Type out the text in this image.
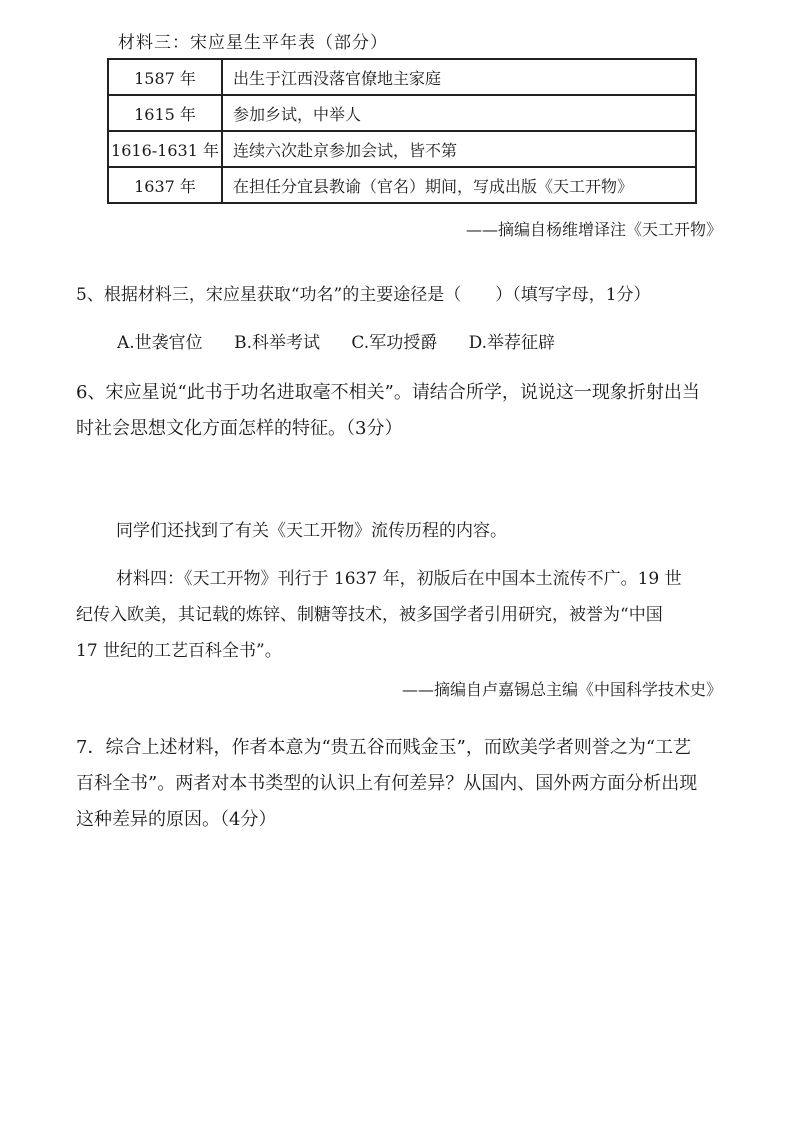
材料三：宋应星生平年表（部分）
1587 年	出生于江西没落官僚地主家庭
1615 年	参加乡试，中举人
1616-1631 年	连续六次赴京参加会试，皆不第
1637 年	在担任分宜县教谕（官名）期间，写成出版《天工开物》
——摘编自杨维增译注《天工开物》
5、根据材料三，宋应星获取“功名”的主要途径是（　　）（填写字母，1分）
A.世袭官位 B.科举考试 C.军功授爵 D.举荐征辟
6、宋应星说“此书于功名进取毫不相关”。请结合所学，说说这一现象折射出当
时社会思想文化方面怎样的特征。（3分）
同学们还找到了有关《天工开物》流传历程的内容。
材料四：《天工开物》刊行于 1637 年，初版后在中国本土流传不广。19 世
纪传入欧美，其记载的炼锌、制糖等技术，被多国学者引用研究，被誉为“中国
17 世纪的工艺百科全书”。
——摘编自卢嘉锡总主编《中国科学技术史》
7．综合上述材料，作者本意为“贵五谷而贱金玉”，而欧美学者则誉之为“工艺
百科全书”。两者对本书类型的认识上有何差异？从国内、国外两方面分析出现
这种差异的原因。（4分）
